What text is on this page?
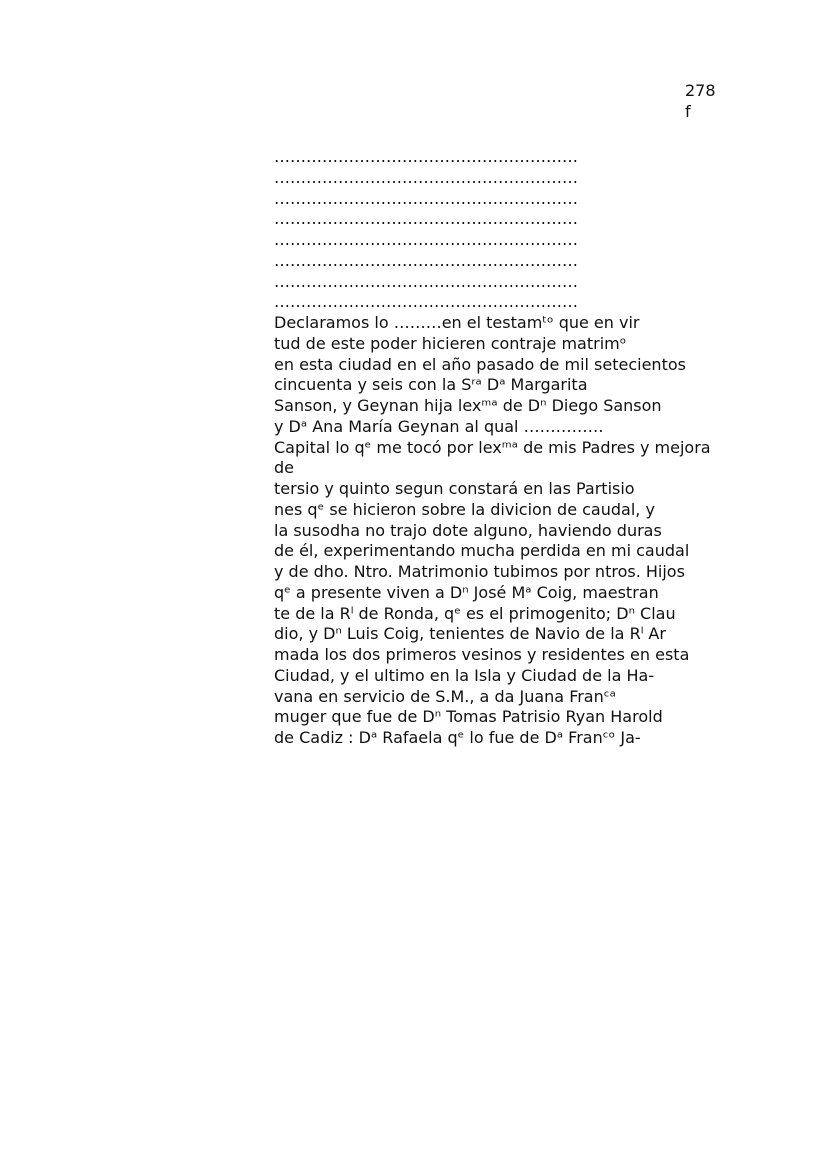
278
f
…………………………………………………
…………………………………………………
…………………………………………………
…………………………………………………
…………………………………………………
…………………………………………………
…………………………………………………
…………………………………………………
Declaramos lo ………en el testamᵗᵒ que en vir
tud de este poder hicieren contraje matrimᵒ
en esta ciudad en el año pasado de mil setecientos
cincuenta y seis con la Sʳᵃ Dᵃ Margarita
Sanson, y Geynan hija lexᵐᵃ de Dⁿ Diego Sanson
y Dᵃ Ana María Geynan al qual ……………
Capital lo qᵉ me tocó por lexᵐᵃ de mis Padres y mejora
de
tersio y quinto segun constará en las Partisio
nes qᵉ se hicieron sobre la divicion de caudal, y
la susodha no trajo dote alguno, haviendo duras
de él, experimentando mucha perdida en mi caudal
y de dho. Ntro. Matrimonio tubimos por ntros. Hijos
qᵉ a presente viven a Dⁿ José Mᵃ Coig, maestran
te de la Rˡ de Ronda, qᵉ es el primogenito; Dⁿ Clau
dio, y Dⁿ Luis Coig, tenientes de Navio de la Rˡ Ar
mada los dos primeros vesinos y residentes en esta
Ciudad, y el ultimo en la Isla y Ciudad de la Ha-
vana en servicio de S.M., a da Juana Franᶜᵃ
muger que fue de Dⁿ Tomas Patrisio Ryan Harold
de Cadiz : Dᵃ Rafaela qᵉ lo fue de Dᵃ Franᶜᵒ Ja-
